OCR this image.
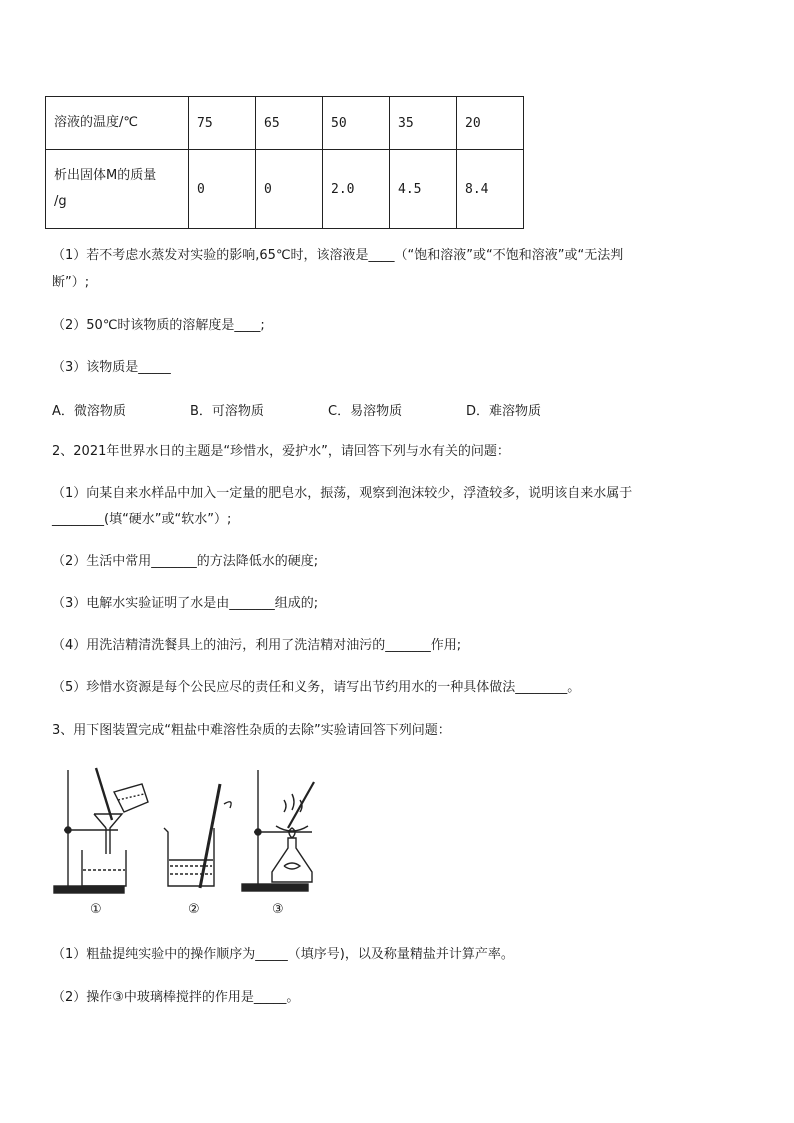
溶液的温度/℃	75	65	50	35	20
析出固体M的质量
/g	0	0	2.0	4.5	8.4
（1）若不考虑水蒸发对实验的影响,65℃时，该溶液是____（“饱和溶液”或“不饱和溶液”或“无法判
断”）;
（2）50℃时该物质的溶解度是____;
（3）该物质是_____
A．微溶物质	B．可溶物质	C．易溶物质	D．难溶物质
2、2021年世界水日的主题是“珍惜水，爱护水”，请回答下列与水有关的问题：
（1）向某自来水样品中加入一定量的肥皂水，振荡，观察到泡沫较少，浮渣较多，说明该自来水属于
________(填“硬水”或“软水”）;
（2）生活中常用_______的方法降低水的硬度;
（3）电解水实验证明了水是由_______组成的;
（4）用洗洁精清洗餐具上的油污，利用了洗洁精对油污的_______作用;
（5）珍惜水资源是每个公民应尽的责任和义务，请写出节约用水的一种具体做法________。
3、用下图装置完成“粗盐中难溶性杂质的去除”实验请回答下列问题：
①	②	③
（1）粗盐提纯实验中的操作顺序为_____（填序号)，以及称量精盐并计算产率。
（2）操作③中玻璃棒搅拌的作用是_____。
